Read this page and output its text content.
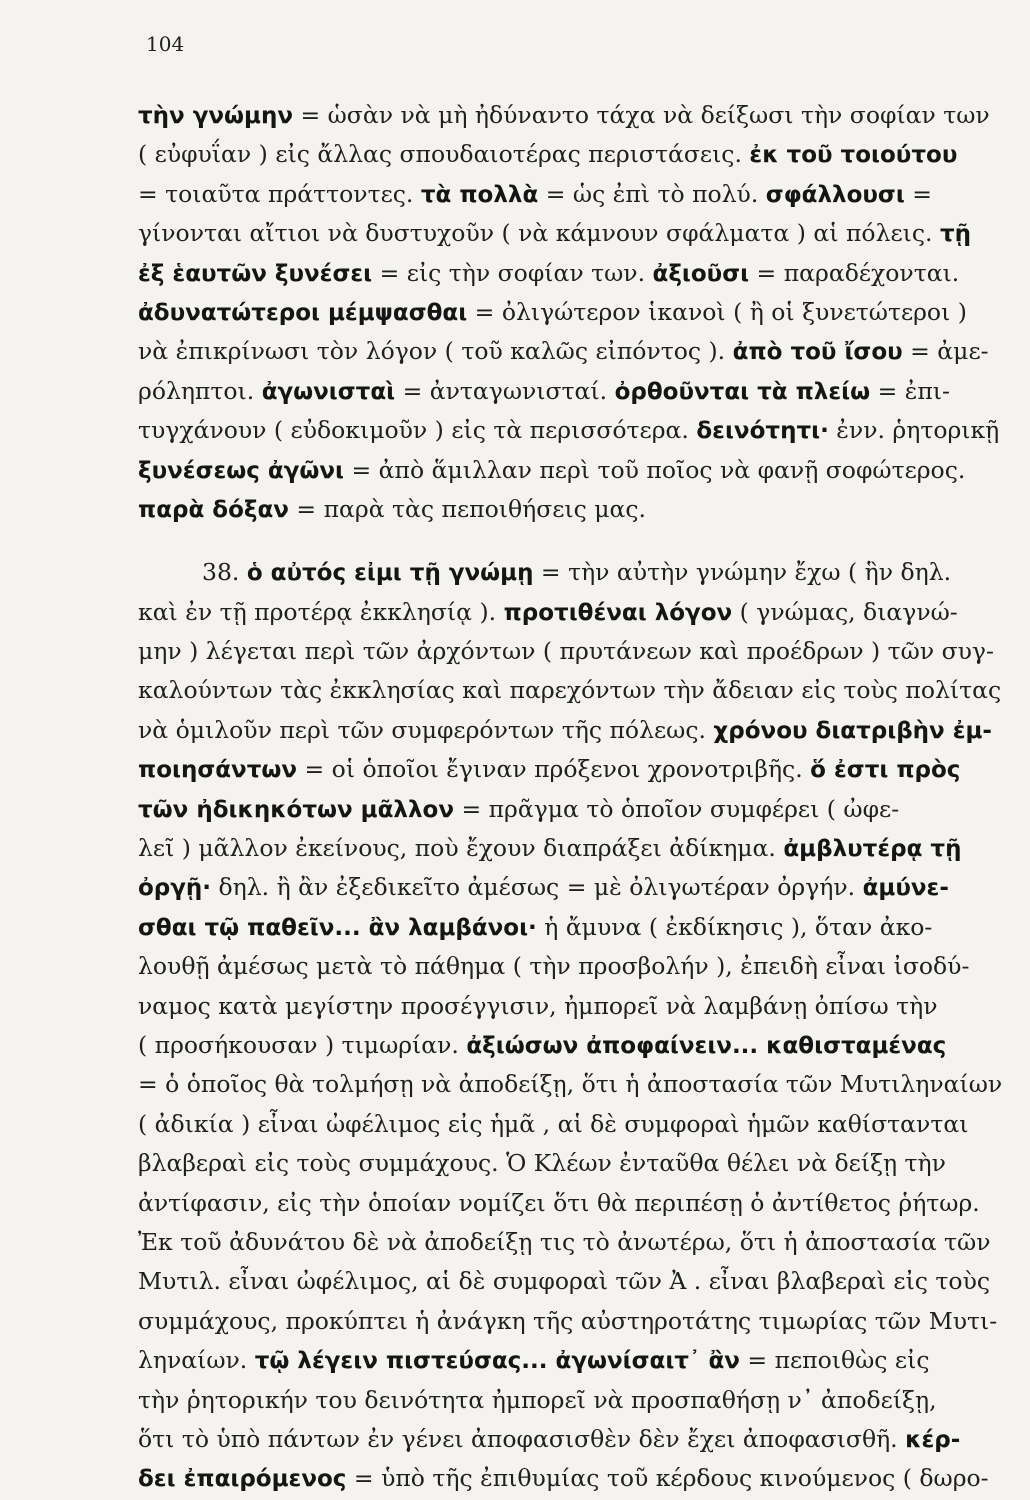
104
τὴν γνώμην = ὡσὰν νὰ μὴ ἠδύναντο τάχα νὰ δείξωσι τὴν σοφίαν των
( εὐφυΐαν ) εἰς ἄλλας σπουδαιοτέρας περιστάσεις. ἐκ τοῦ τοιούτου
= τοιαῦτα πράττοντες. τὰ πολλὰ = ὡς ἐπὶ τὸ πολύ. σφάλλουσι =
γίνονται αἴτιοι νὰ δυστυχοῦν ( νὰ κάμνουν σφάλματα ) αἱ πόλεις. τῇ
ἐξ ἑαυτῶν ξυνέσει = εἰς τὴν σοφίαν των. ἀξιοῦσι = παραδέχονται.
ἀδυνατώτεροι μέμψασθαι = ὀλιγώτερον ἱκανοὶ ( ἢ οἱ ξυνετώτεροι )
νὰ ἐπικρίνωσι τὸν λόγον ( τοῦ καλῶς εἰπόντος ). ἀπὸ τοῦ ἴσου = ἀμε-
ρόληπτοι. ἀγωνισταὶ = ἀνταγωνισταί. ὀρθοῦνται τὰ πλείω = ἐπι-
τυγχάνουν ( εὐδοκιμοῦν ) εἰς τὰ περισσότερα. δεινότητι· ἐνν. ῥητορικῇ
ξυνέσεως ἀγῶνι = ἀπὸ ἅμιλλαν περὶ τοῦ ποῖος νὰ φανῇ σοφώτερος.
παρὰ δόξαν = παρὰ τὰς πεποιθήσεις μας.
38. ὁ αὐτός εἰμι τῇ γνώμῃ = τὴν αὐτὴν γνώμην ἔχω ( ἣν δηλ.
καὶ ἐν τῇ προτέρᾳ ἐκκλησίᾳ ). προτιθέναι λόγον ( γνώμας, διαγνώ-
μην ) λέγεται περὶ τῶν ἀρχόντων ( πρυτάνεων καὶ προέδρων ) τῶν συγ-
καλούντων τὰς ἐκκλησίας καὶ παρεχόντων τὴν ἄδειαν εἰς τοὺς πολίτας
νὰ ὁμιλοῦν περὶ τῶν συμφερόντων τῆς πόλεως. χρόνου διατριβὴν ἐμ-
ποιησάντων = οἱ ὁποῖοι ἔγιναν πρόξενοι χρονοτριβῆς. ὅ ἐστι πρὸς
τῶν ἠδικηκότων μᾶλλον = πρᾶγμα τὸ ὁποῖον συμφέρει ( ὠφε-
λεῖ ) μᾶλλον ἐκείνους, ποὺ ἔχουν διαπράξει ἀδίκημα. ἀμβλυτέρᾳ τῇ
ὀργῇ· δηλ. ἢ ἂν ἐξεδικεῖτο ἀμέσως = μὲ ὀλιγωτέραν ὀργήν. ἀμύνε-
σθαι τῷ παθεῖν... ἂν λαμβάνοι· ἡ ἄμυνα ( ἐκδίκησις ), ὅταν ἀκο-
λουθῇ ἀμέσως μετὰ τὸ πάθημα ( τὴν προσβολήν ), ἐπειδὴ εἶναι ἰσοδύ-
ναμος κατὰ μεγίστην προσέγγισιν, ἠμπορεῖ νὰ λαμβάνῃ ὀπίσω τὴν
( προσήκουσαν ) τιμωρίαν. ἀξιώσων ἀποφαίνειν... καθισταμένας
= ὁ ὁποῖος θὰ τολμήσῃ νὰ ἀποδείξῃ, ὅτι ἡ ἀποστασία τῶν Μυτιληναίων
( ἀδικία ) εἶναι ὠφέλιμος εἰς ἡμᾶ , αἱ δὲ συμφοραὶ ἡμῶν καθίστανται
βλαβεραὶ εἰς τοὺς συμμάχους. Ὁ Κλέων ἐνταῦθα θέλει νὰ δείξῃ τὴν
ἀντίφασιν, εἰς τὴν ὁποίαν νομίζει ὅτι θὰ περιπέσῃ ὁ ἀντίθετος ῥήτωρ.
Ἐκ τοῦ ἀδυνάτου δὲ νὰ ἀποδείξῃ τις τὸ ἀνωτέρω, ὅτι ἡ ἀποστασία τῶν
Μυτιλ. εἶναι ὠφέλιμος, αἱ δὲ συμφοραὶ τῶν Ἀ . εἶναι βλαβεραὶ εἰς τοὺς
συμμάχους, προκύπτει ἡ ἀνάγκη τῆς αὐστηροτάτης τιμωρίας τῶν Μυτι-
ληναίων. τῷ λέγειν πιστεύσας... ἀγωνίσαιτ᾽ ἂν = πεποιθὼς εἰς
τὴν ῥητορικήν του δεινότητα ἠμπορεῖ νὰ προσπαθήσῃ ν᾽ ἀποδείξῃ,
ὅτι τὸ ὑπὸ πάντων ἐν γένει ἀποφασισθὲν δὲν ἔχει ἀποφασισθῆ. κέρ-
δει ἐπαιρόμενος = ὑπὸ τῆς ἐπιθυμίας τοῦ κέρδους κινούμενος ( δωρο-
